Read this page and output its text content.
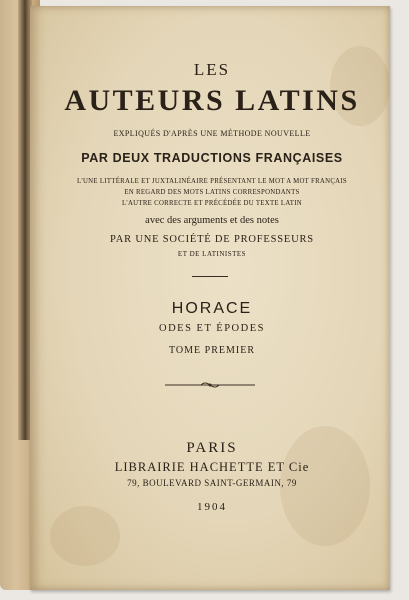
LES
AUTEURS LATINS
EXPLIQUÉS D'APRÈS UNE MÉTHODE NOUVELLE
PAR DEUX TRADUCTIONS FRANÇAISES
L'UNE LITTÉRALE ET JUXTALINÉAIRE PRÉSENTANT LE MOT A MOT FRANÇAIS
EN REGARD DES MOTS LATINS CORRESPONDANTS
L'AUTRE CORRECTE ET PRÉCÉDÉE DU TEXTE LATIN
avec des arguments et des notes
PAR UNE SOCIÉTÉ DE PROFESSEURS
ET DE LATINISTES
HORACE
ODES ET ÉPODES
TOME PREMIER
PARIS
LIBRAIRIE HACHETTE ET Cie
79, BOULEVARD SAINT-GERMAIN, 79
1904
